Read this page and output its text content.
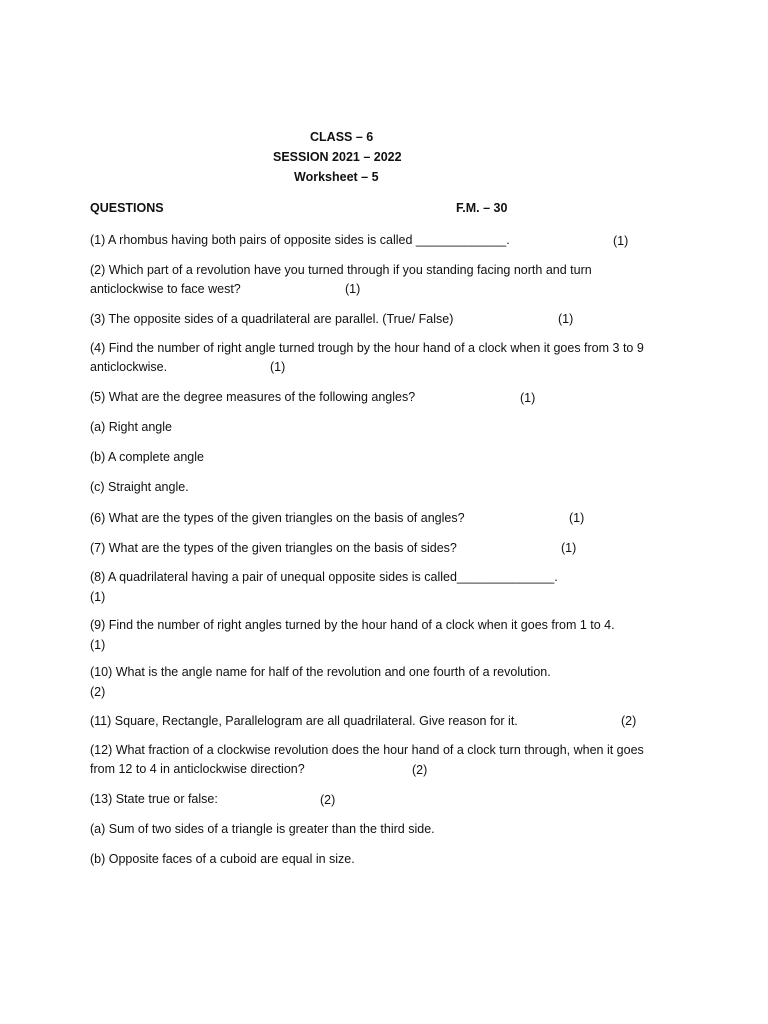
CLASS – 6
SESSION 2021 – 2022
Worksheet – 5
QUESTIONS	F.M. – 30
(1) A rhombus having both pairs of opposite sides is called _____________.	(1)
(2) Which part of a revolution have you turned through if you standing facing north and turn
anticlockwise to face west?	(1)
(3) The opposite sides of a quadrilateral are parallel. (True/ False)	(1)
(4) Find the number of right angle turned trough by the hour hand of a clock when it goes from 3 to 9
anticlockwise.	(1)
(5) What are the degree measures of the following angles?	(1)
(a) Right angle
(b) A complete angle
(c) Straight angle.
(6) What are the types of the given triangles on the basis of angles?	(1)
(7) What are the types of the given triangles on the basis of sides?	(1)
(8) A quadrilateral having a pair of unequal opposite sides is called______________.
(1)
(9) Find the number of right angles turned by the hour hand of a clock when it goes from 1 to 4.
(1)
(10) What is the angle name for half of the revolution and one fourth of a revolution.
(2)
(11) Square, Rectangle, Parallelogram are all quadrilateral. Give reason for it.	(2)
(12) What fraction of a clockwise revolution does the hour hand of a clock turn through, when it goes
from 12 to 4 in anticlockwise direction?	(2)
(13) State true or false:	(2)
(a) Sum of two sides of a triangle is greater than the third side.
(b) Opposite faces of a cuboid are equal in size.
